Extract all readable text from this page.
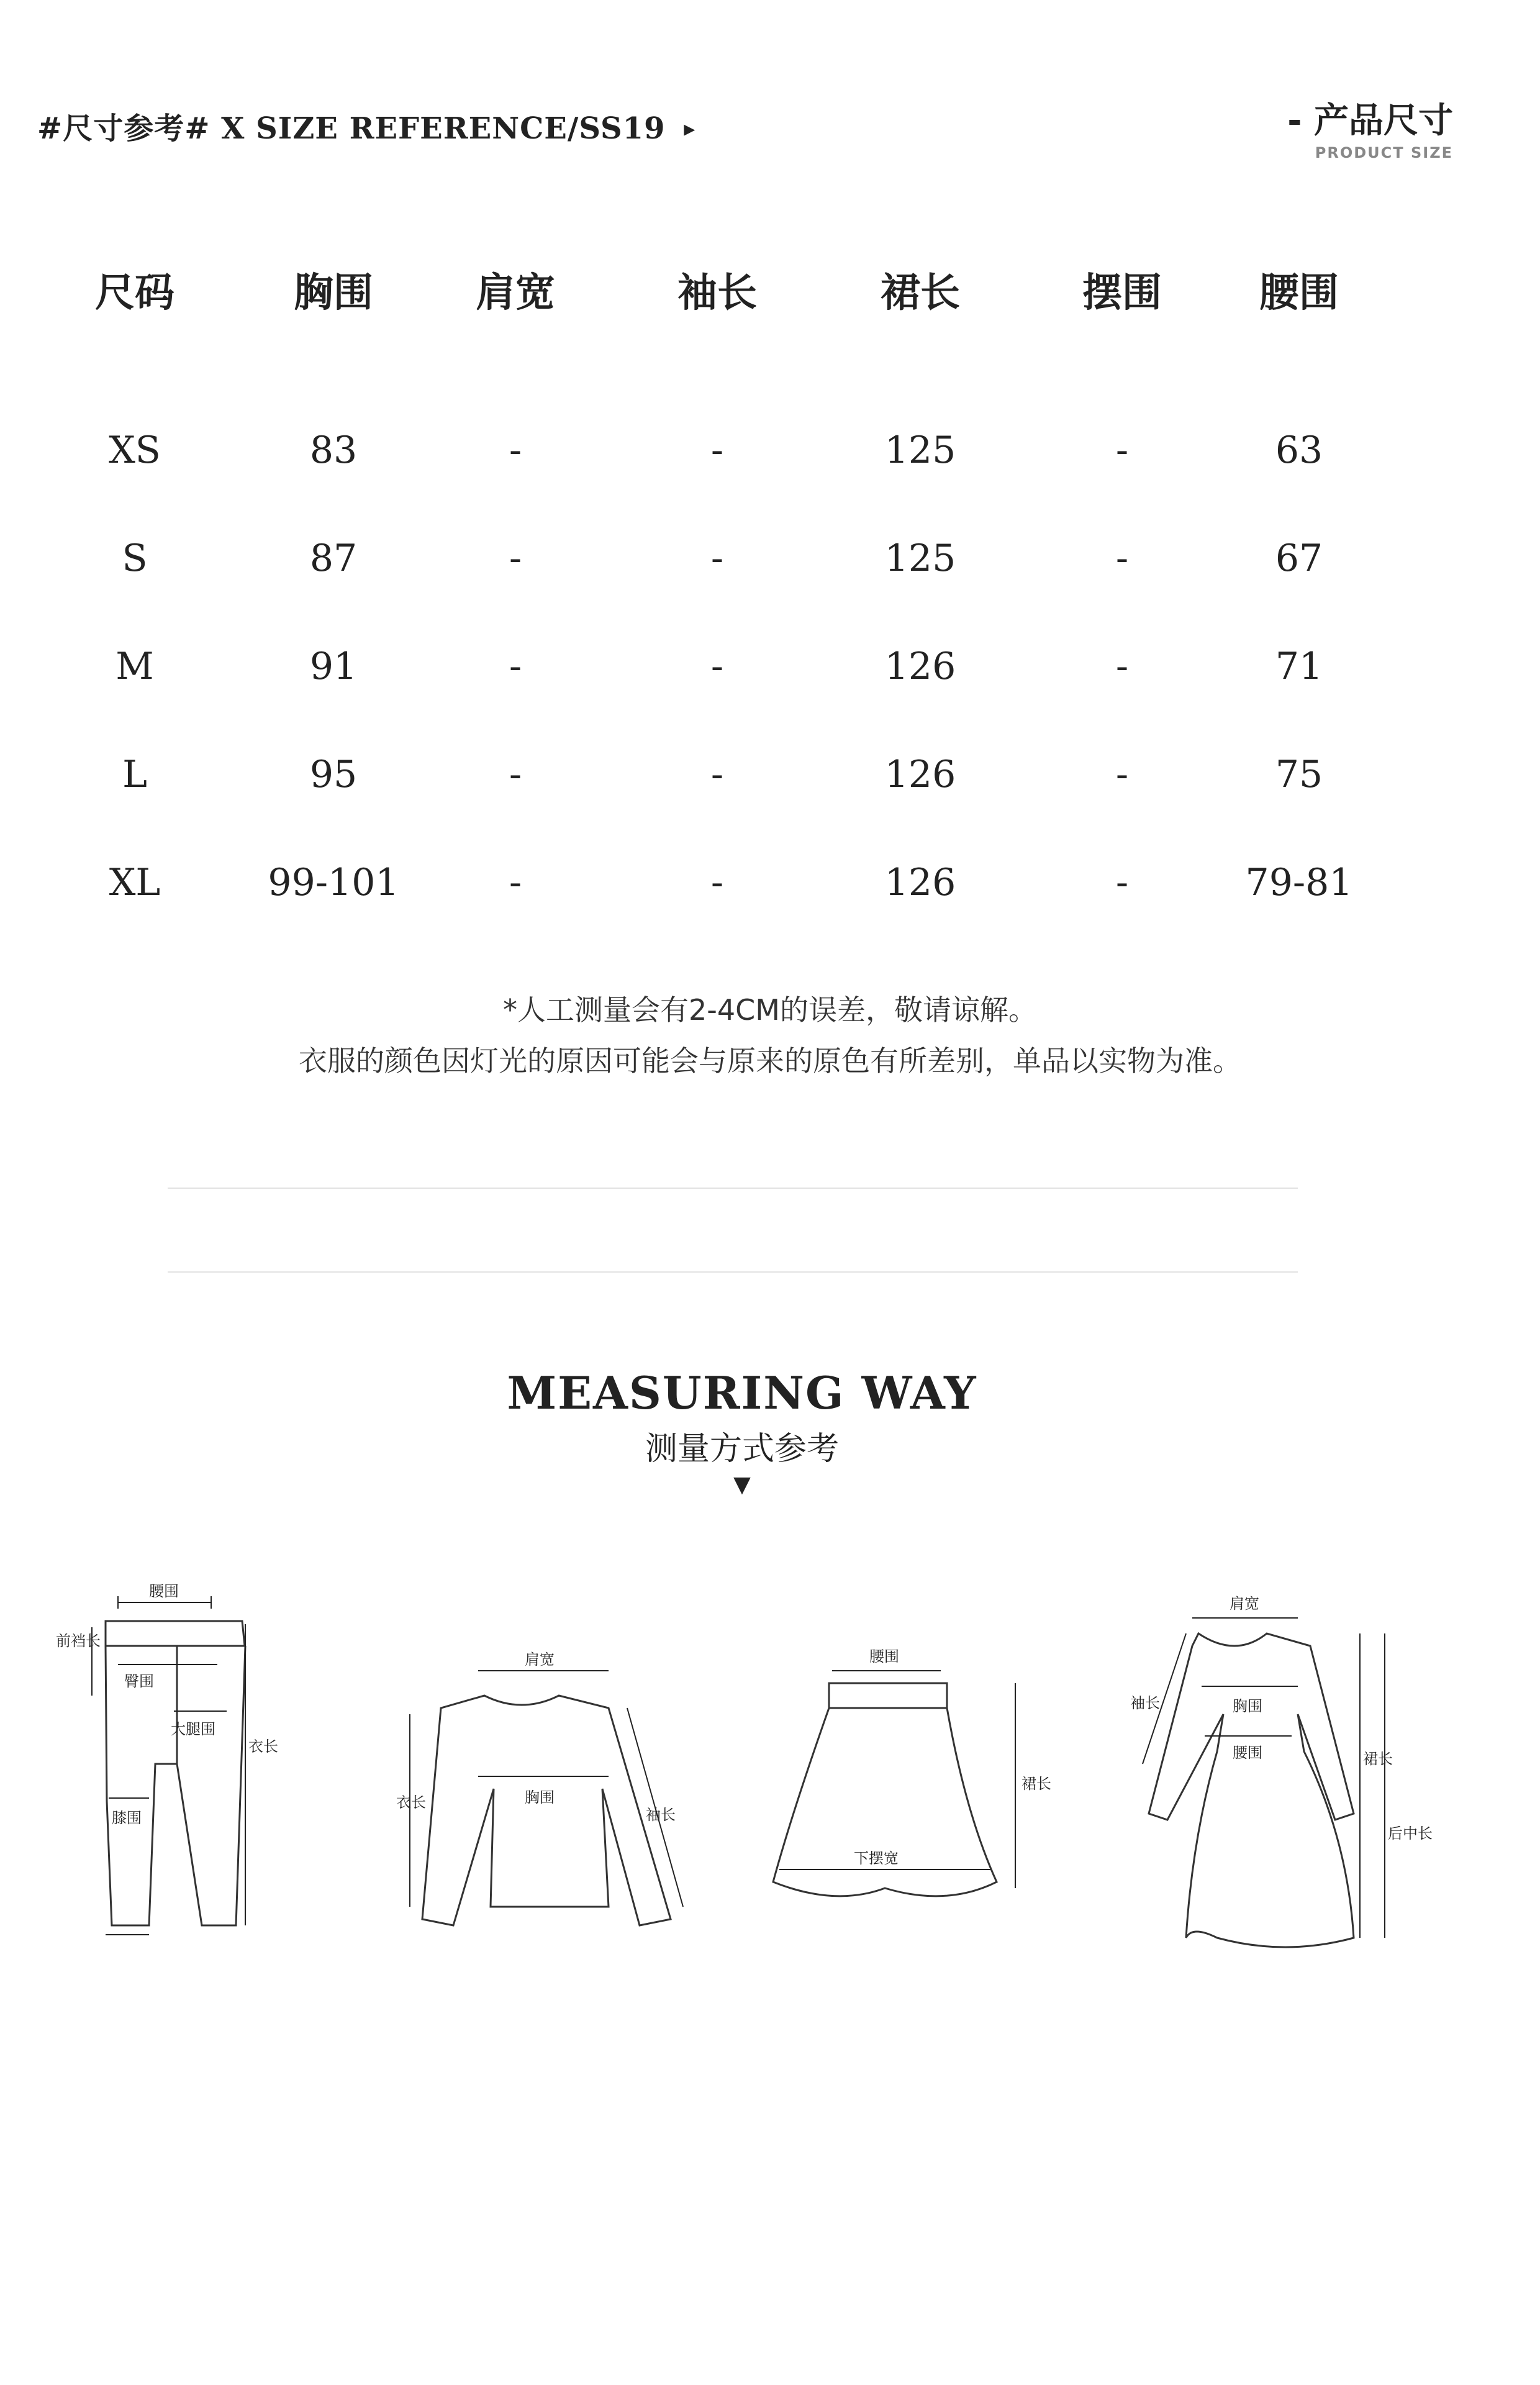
#尺寸参考# X SIZE REFERENCE/SS19 ▸	- 产品尺寸
PRODUCT SIZE
尺码	胸围	肩宽	袖长	裙长	摆围 腰围
XS	83	-	-	125	-	63
S	87	-	-	125	-	67
M	91	-	-	126	-	71
L	95	-	-	126	-	75
XL	99-101	-	-	126	-	79-81
*人工测量会有2-4CM的误差，敬请谅解。
衣服的颜色因灯光的原因可能会与原来的原色有所差别，单品以实物为准。
MEASURING WAY
测量方式参考
▼
腰围
前裆长
臀围
大腿围
衣长
膝围
肩宽
衣长	胸围
袖长
腰围
裙长
下摆宽
肩宽
袖长	胸围
腰围	裙长
后中长
